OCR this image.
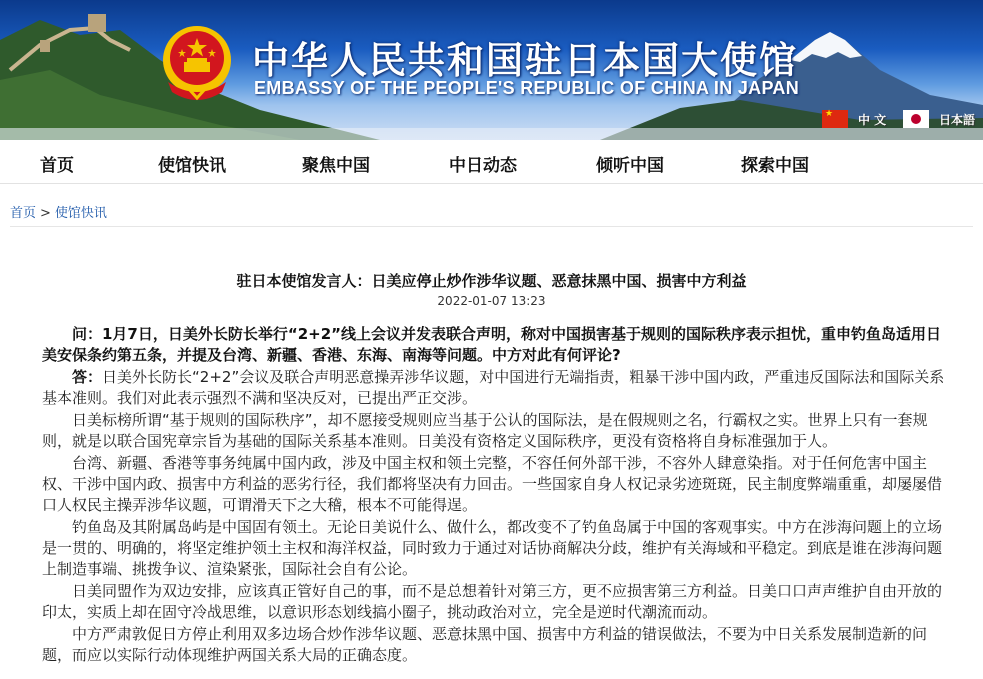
中华人民共和国驻日本国大使馆
EMBASSY OF THE PEOPLE'S REPUBLIC OF CHINA IN JAPAN
★
中 文	日本語
首页	使馆快讯	聚焦中国	中日动态	倾听中国	探索中国
首页 > 使馆快讯
驻日本使馆发言人：日美应停止炒作涉华议题、恶意抹黑中国、损害中方利益
2022-01-07 13:23

问：1月7日，日美外长防长举行“2+2”线上会议并发表联合声明，称对中国损害基于规则的国际秩序表示担忧，重申钓鱼岛适用日美安保条约第五条，并提及台湾、新疆、香港、东海、南海等问题。中方对此有何评论?

答：日美外长防长“2+2”会议及联合声明恶意操弄涉华议题，对中国进行无端指责，粗暴干涉中国内政，严重违反国际法和国际关系基本准则。我们对此表示强烈不满和坚决反对，已提出严正交涉。

日美标榜所谓“基于规则的国际秩序”，却不愿接受规则应当基于公认的国际法，是在假规则之名，行霸权之实。世界上只有一套规则，就是以联合国宪章宗旨为基础的国际关系基本准则。日美没有资格定义国际秩序，更没有资格将自身标准强加于人。

台湾、新疆、香港等事务纯属中国内政，涉及中国主权和领土完整，不容任何外部干涉，不容外人肆意染指。对于任何危害中国主权、干涉中国内政、损害中方利益的恶劣行径，我们都将坚决有力回击。一些国家自身人权记录劣迹斑斑，民主制度弊端重重，却屡屡借口人权民主操弄涉华议题，可谓滑天下之大稽，根本不可能得逞。

钓鱼岛及其附属岛屿是中国固有领土。无论日美说什么、做什么，都改变不了钓鱼岛属于中国的客观事实。中方在涉海问题上的立场是一贯的、明确的，将坚定维护领土主权和海洋权益，同时致力于通过对话协商解决分歧，维护有关海域和平稳定。到底是谁在涉海问题上制造事端、挑拨争议、渲染紧张，国际社会自有公论。

日美同盟作为双边安排，应该真正管好自己的事，而不是总想着针对第三方，更不应损害第三方利益。日美口口声声维护自由开放的印太，实质上却在固守冷战思维，以意识形态划线搞小圈子，挑动政治对立，完全是逆时代潮流而动。

中方严肃敦促日方停止利用双多边场合炒作涉华议题、恶意抹黑中国、损害中方利益的错误做法，不要为中日关系发展制造新的问题，而应以实际行动体现维护两国关系大局的正确态度。
